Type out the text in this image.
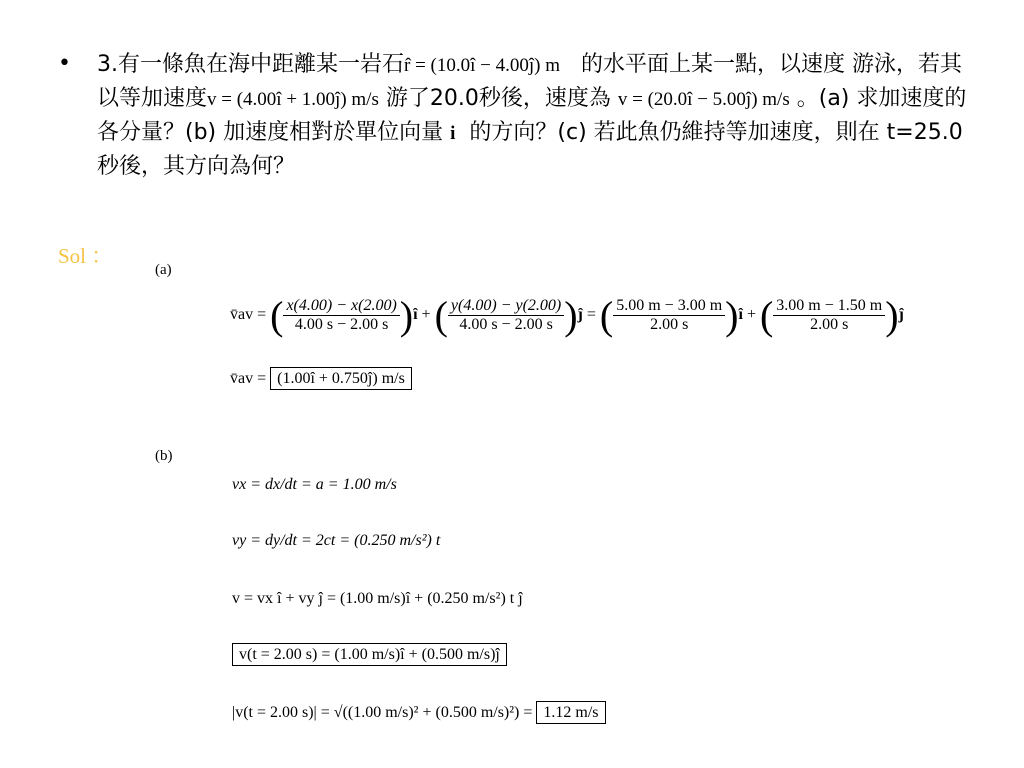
• 3.有一條魚在海中距離某一岩石r̂ = (10.0î − 4.00ĵ) m 的水平面上某一點，以速度 游泳，若其以等加速度v = (4.00î + 1.00ĵ) m/s 游了20.0秒後，速度為 v = (20.0î − 5.00ĵ) m/s 。(a) 求加速度的各分量？(b) 加速度相對於單位向量 i 的方向？(c) 若此魚仍維持等加速度，則在 t=25.0秒後，其方向為何？
Sol ：
(a)
v̄av = ( $\frac{x(4.00) - x(2.00)}{4.00 s - 2.00 s}$ )î + ( $\frac{y(4.00) - y(2.00)}{4.00 s - 2.00 s}$ )ĵ = ( $\frac{5.00 m - 3.00 m}{2.00 s}$ )î + ( $\frac{3.00 m - 1.50 m}{2.00 s}$ )ĵ
v̄av = (1.00î + 0.750ĵ) m/s
(b)
vx = dx/dt = a = 1.00 m/s
vy = dy/dt = 2ct = (0.250 m/s²) t
v = vx î + vy ĵ = (1.00 m/s)î + (0.250 m/s²) t ĵ
v(t = 2.00 s) = (1.00 m/s)î + (0.500 m/s)ĵ
|v(t = 2.00 s)| = √((1.00 m/s)² + (0.500 m/s)²) = 1.12 m/s
